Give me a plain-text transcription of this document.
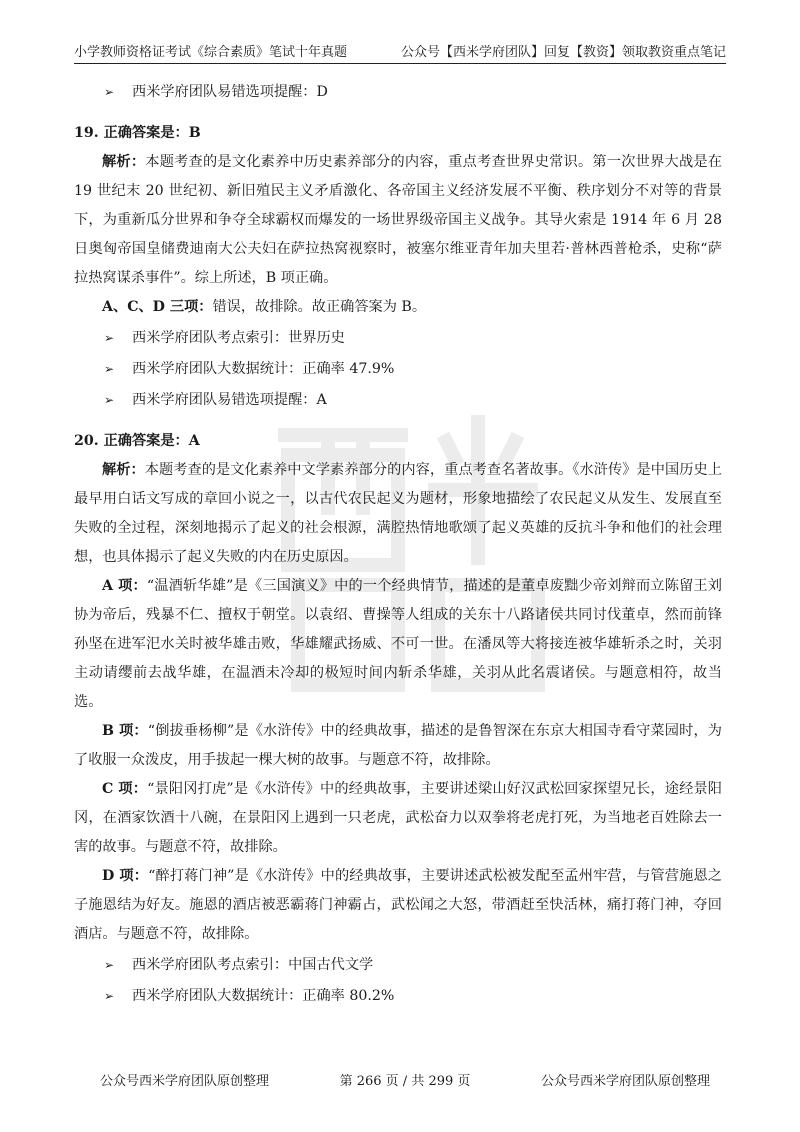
小学教师资格证考试《综合素质》笔试十年真题	公众号【西米学府团队】回复【教资】领取教资重点笔记
➢	西米学府团队易错选项提醒：D
19. 正确答案是：B
解析：本题考查的是文化素养中历史素养部分的内容，重点考查世界史常识。第一次世界大战是在 19 世纪末 20 世纪初、新旧殖民主义矛盾激化、各帝国主义经济发展不平衡、秩序划分不对等的背景下，为重新瓜分世界和争夺全球霸权而爆发的一场世界级帝国主义战争。其导火索是 1914 年 6 月 28 日奥匈帝国皇储费迪南大公夫妇在萨拉热窝视察时，被塞尔维亚青年加夫里若·普林西普枪杀，史称“萨拉热窝谋杀事件”。综上所述，B 项正确。
A、C、D 三项：错误，故排除。故正确答案为 B。
➢	西米学府团队考点索引：世界历史
➢	西米学府团队大数据统计：正确率 47.9%
➢	西米学府团队易错选项提醒：A
20. 正确答案是：A
解析：本题考查的是文化素养中文学素养部分的内容，重点考查名著故事。《水浒传》是中国历史上最早用白话文写成的章回小说之一，以古代农民起义为题材，形象地描绘了农民起义从发生、发展直至失败的全过程，深刻地揭示了起义的社会根源，满腔热情地歌颂了起义英雄的反抗斗争和他们的社会理想，也具体揭示了起义失败的内在历史原因。
A 项：“温酒斩华雄”是《三国演义》中的一个经典情节，描述的是董卓废黜少帝刘辩而立陈留王刘协为帝后，残暴不仁、擅权于朝堂。以袁绍、曹操等人组成的关东十八路诸侯共同讨伐董卓，然而前锋孙坚在进军汜水关时被华雄击败，华雄耀武扬威、不可一世。在潘凤等大将接连被华雄斩杀之时，关羽主动请缨前去战华雄，在温酒未冷却的极短时间内斩杀华雄，关羽从此名震诸侯。与题意相符，故当选。
B 项：“倒拔垂杨柳”是《水浒传》中的经典故事，描述的是鲁智深在东京大相国寺看守菜园时，为了收服一众泼皮，用手拔起一棵大树的故事。与题意不符，故排除。
C 项：“景阳冈打虎”是《水浒传》中的经典故事，主要讲述梁山好汉武松回家探望兄长，途经景阳冈，在酒家饮酒十八碗，在景阳冈上遇到一只老虎，武松奋力以双拳将老虎打死，为当地老百姓除去一害的故事。与题意不符，故排除。
D 项：“醉打蒋门神”是《水浒传》中的经典故事，主要讲述武松被发配至孟州牢营，与管营施恩之子施恩结为好友。施恩的酒店被恶霸蒋门神霸占，武松闻之大怒，带酒赶至快活林，痛打蒋门神，夺回酒店。与题意不符，故排除。
➢	西米学府团队考点索引：中国古代文学
➢	西米学府团队大数据统计：正确率 80.2%
公众号西米学府团队原创整理	第 266 页 / 共 299 页	公众号西米学府团队原创整理
